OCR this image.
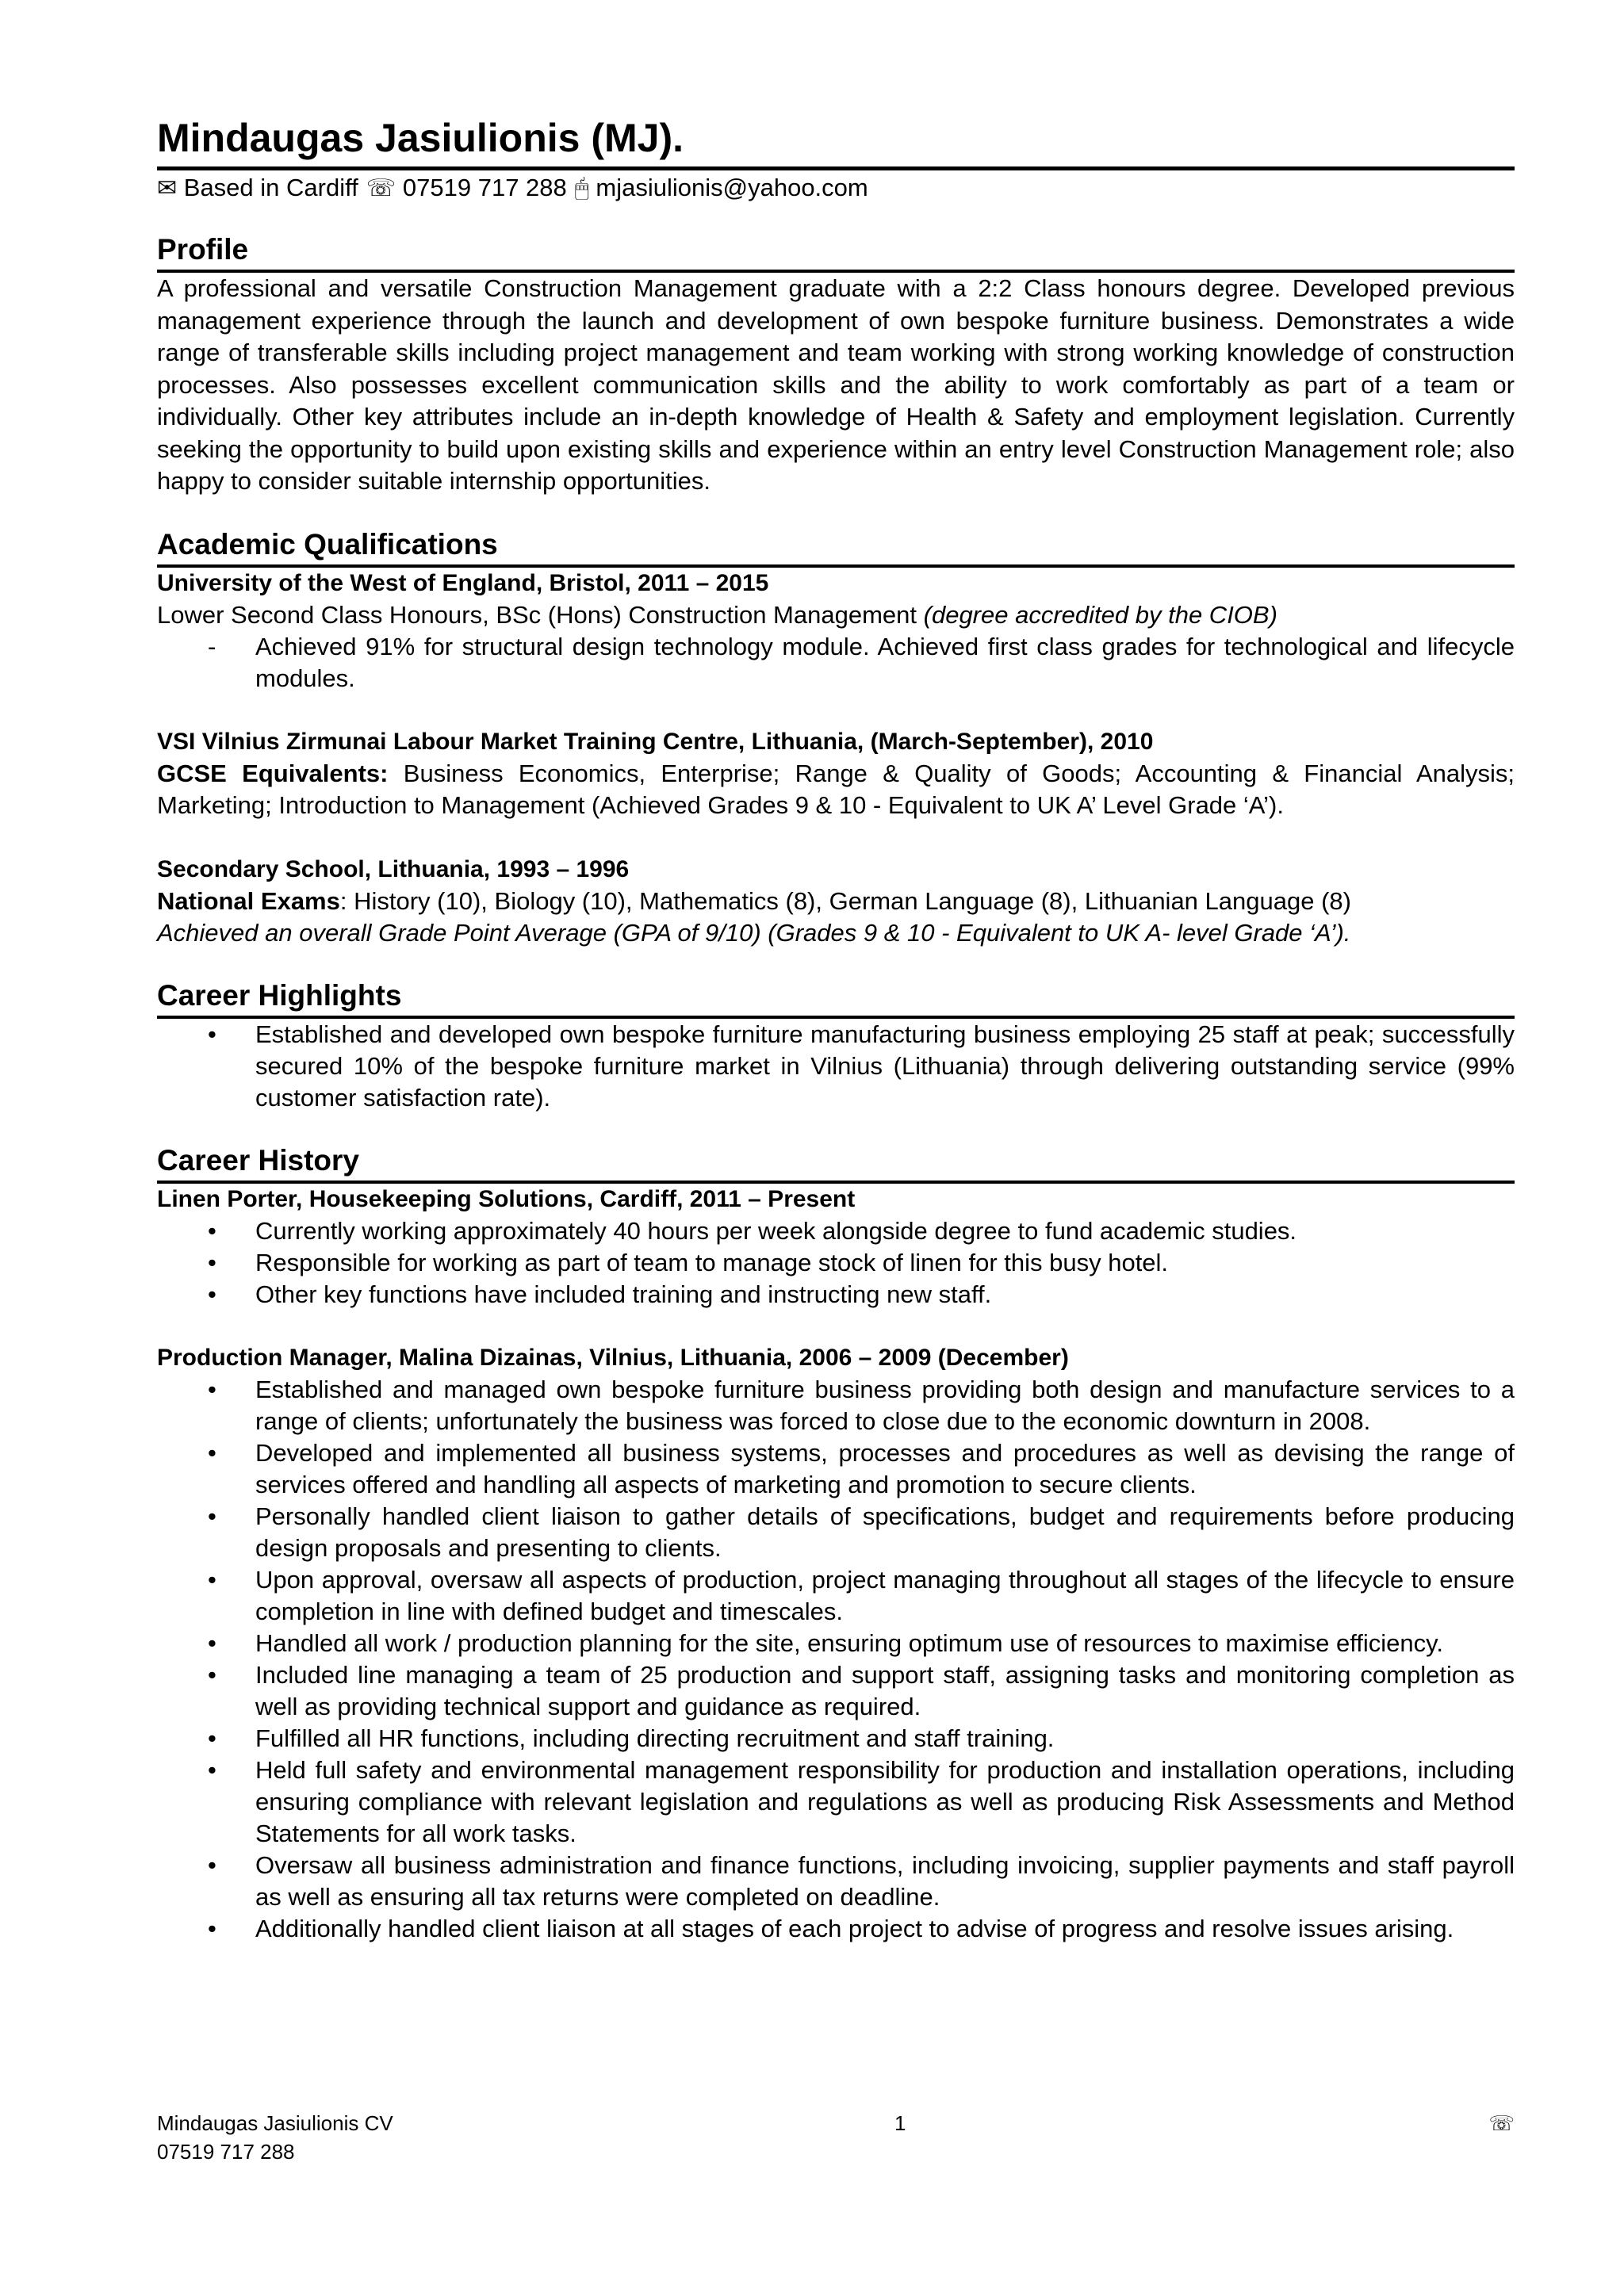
Mindaugas Jasiulionis (MJ).
✉ Based in Cardiff ☏ 07519 717 288 🖱 mjasiulionis@yahoo.com
Profile

A professional and versatile Construction Management graduate with a 2:2 Class honours degree. Developed previous management experience through the launch and development of own bespoke furniture business. Demonstrates a wide range of transferable skills including project management and team working with strong working knowledge of construction processes. Also possesses excellent communication skills and the ability to work comfortably as part of a team or individually. Other key attributes include an in-depth knowledge of Health & Safety and employment legislation. Currently seeking the opportunity to build upon existing skills and experience within an entry level Construction Management role; also happy to consider suitable internship opportunities.

Academic Qualifications

University of the West of England, Bristol, 2011 – 2015

Lower Second Class Honours, BSc (Hons) Construction Management (degree accredited by the CIOB)

- Achieved 91% for structural design technology module. Achieved first class grades for technological and lifecycle modules.

VSI Vilnius Zirmunai Labour Market Training Centre, Lithuania, (March-September), 2010

GCSE Equivalents: Business Economics, Enterprise; Range & Quality of Goods; Accounting & Financial Analysis; Marketing; Introduction to Management (Achieved Grades 9 & 10 - Equivalent to UK A’ Level Grade ‘A’).

Secondary School, Lithuania, 1993 – 1996

National Exams: History (10), Biology (10), Mathematics (8), German Language (8), Lithuanian Language (8)

Achieved an overall Grade Point Average (GPA of 9/10) (Grades 9 & 10 - Equivalent to UK A- level Grade ‘A’).

Career Highlights
• Established and developed own bespoke furniture manufacturing business employing 25 staff at peak; successfully secured 10% of the bespoke furniture market in Vilnius (Lithuania) through delivering outstanding service (99% customer satisfaction rate).
Career History

Linen Porter, Housekeeping Solutions, Cardiff, 2011 – Present

• Currently working approximately 40 hours per week alongside degree to fund academic studies.
• Responsible for working as part of team to manage stock of linen for this busy hotel.
• Other key functions have included training and instructing new staff.

Production Manager, Malina Dizainas, Vilnius, Lithuania, 2006 – 2009 (December)

• Established and managed own bespoke furniture business providing both design and manufacture services to a range of clients; unfortunately the business was forced to close due to the economic downturn in 2008.
• Developed and implemented all business systems, processes and procedures as well as devising the range of services offered and handling all aspects of marketing and promotion to secure clients.
• Personally handled client liaison to gather details of specifications, budget and requirements before producing design proposals and presenting to clients.
• Upon approval, oversaw all aspects of production, project managing throughout all stages of the lifecycle to ensure completion in line with defined budget and timescales.
• Handled all work / production planning for the site, ensuring optimum use of resources to maximise efficiency.
• Included line managing a team of 25 production and support staff, assigning tasks and monitoring completion as well as providing technical support and guidance as required.
• Fulfilled all HR functions, including directing recruitment and staff training.
• Held full safety and environmental management responsibility for production and installation operations, including ensuring compliance with relevant legislation and regulations as well as producing Risk Assessments and Method Statements for all work tasks.
• Oversaw all business administration and finance functions, including invoicing, supplier payments and staff payroll as well as ensuring all tax returns were completed on deadline.
• Additionally handled client liaison at all stages of each project to advise of progress and resolve issues arising.
Mindaugas Jasiulionis CV
07519 717 288
1	☏
